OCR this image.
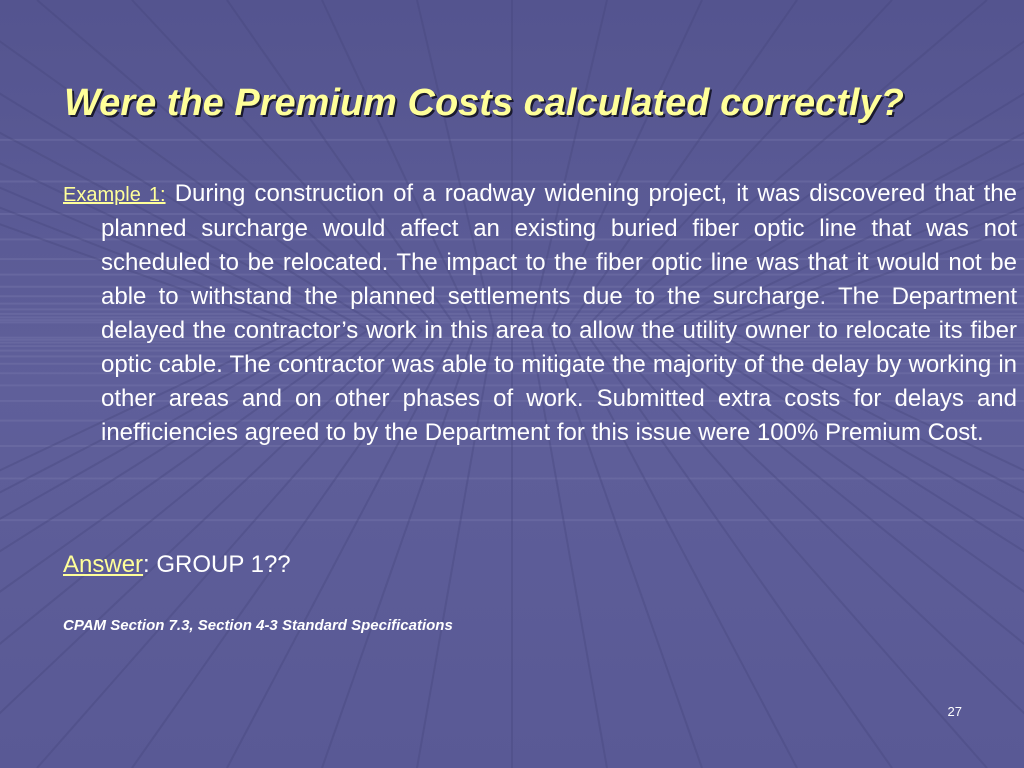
Were the Premium Costs calculated correctly?

Example 1: During construction of a roadway widening project, it was discovered that the planned surcharge would affect an existing buried fiber optic line that was not scheduled to be relocated. The impact to the fiber optic line was that it would not be able to withstand the planned settlements due to the surcharge. The Department delayed the contractor’s work in this area to allow the utility owner to relocate its fiber optic cable. The contractor was able to mitigate the majority of the delay by working in other areas and on other phases of work. Submitted extra costs for delays and inefficiencies agreed to by the Department for this issue were 100% Premium Cost.

Answer: GROUP 1??

CPAM Section 7.3, Section 4-3 Standard Specifications

27
